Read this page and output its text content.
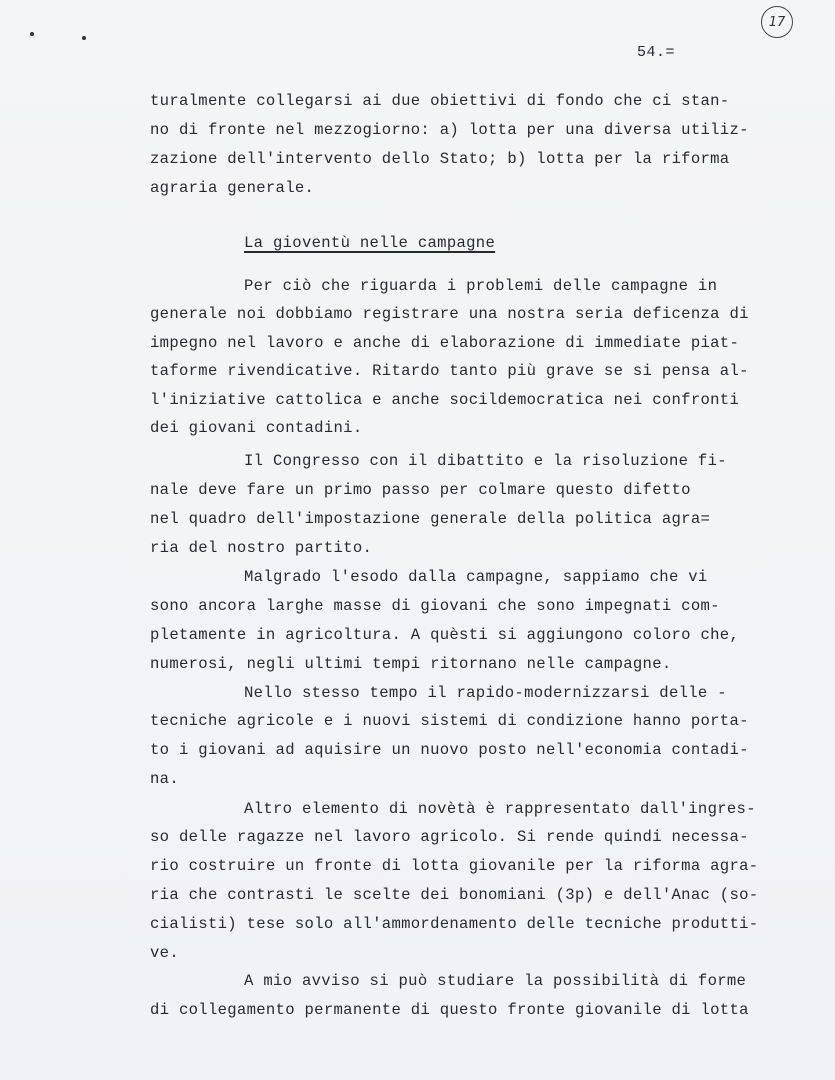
17
54.=
turalmente collegarsi ai due obiettivi di fondo che ci stan-
no di fronte nel mezzogiorno: a) lotta per una diversa utiliz-
zazione dell'intervento dello Stato; b) lotta per la riforma
agraria generale.
La gioventù nelle campagne
Per ciò che riguarda i problemi delle campagne in
generale noi dobbiamo registrare una nostra seria deficenza di
impegno nel lavoro e anche di elaborazione di immediate piat-
taforme rivendicative. Ritardo tanto più grave se si pensa al-
l'iniziative cattolica e anche socildemocratica nei confronti
dei giovani contadini.
Il Congresso con il dibattito e la risoluzione fi-
nale deve fare un primo passo per colmare questo difetto
nel quadro dell'impostazione generale della politica agra=
ria del nostro partito.
Malgrado l'esodo dalla campagne, sappiamo che vi
sono ancora larghe masse di giovani che sono impegnati com-
pletamente in agricoltura. A quèsti si aggiungono coloro che,
numerosi, negli ultimi tempi ritornano nelle campagne.
Nello stesso tempo il rapido-modernizzarsi delle -
tecniche agricole e i nuovi sistemi di condizione hanno porta-
to i giovani ad aquisire un nuovo posto nell'economia contadi-
na.
Altro elemento di novètà è rappresentato dall'ingres-
so delle ragazze nel lavoro agricolo. Si rende quindi necessa-
rio costruire un fronte di lotta giovanile per la riforma agra-
ria che contrasti le scelte dei bonomiani (3p) e dell'Anac (so-
cialisti) tese solo all'ammordenamento delle tecniche produtti-
ve.
A mio avviso si può studiare la possibilità di forme
di collegamento permanente di questo fronte giovanile di lotta
